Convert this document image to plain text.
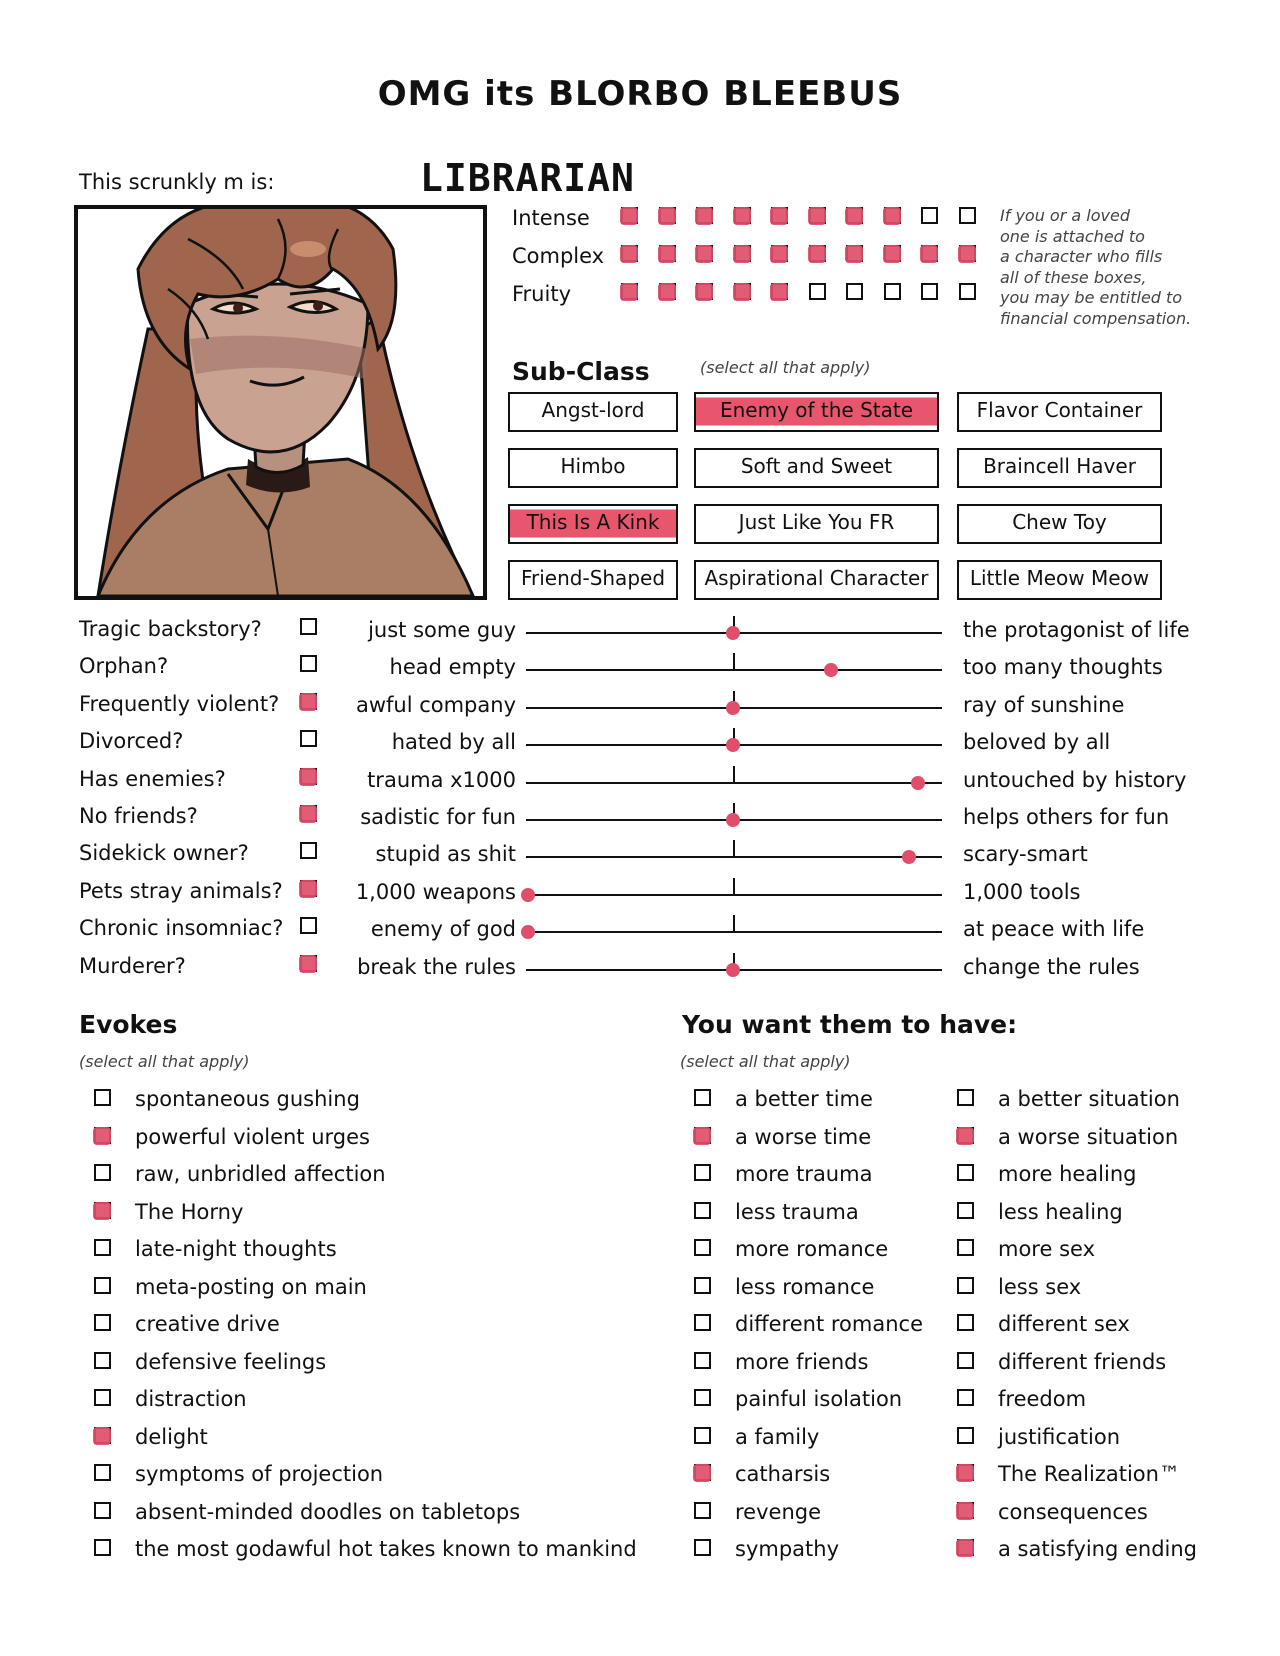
OMG its BLORBO BLEEBUS
This scrunkly m is:	LIBRARIAN
If you or a loved
one is attached to
a character who fills
all of these boxes,
you may be entitled to
financial compensation.
Sub-Class	(select all that apply)
Evokes
(select all that apply)
You want them to have:
(select all that apply)
Intense
Complex
Fruity
Angst-lord	Enemy of the State	Flavor Container
Himbo	Soft and Sweet	Braincell Haver
This Is A Kink	Just Like You FR	Chew Toy
Friend-Shaped	Aspirational Character	Little Meow Meow
Tragic backstory?
Orphan?
Frequently violent?
Divorced?
Has enemies?
No friends?
Sidekick owner?
Pets stray animals?
Chronic insomniac?
Murderer?
just some guy	the protagonist of life
head empty	too many thoughts
awful company	ray of sunshine
hated by all	beloved by all
trauma x1000	untouched by history
sadistic for fun	helps others for fun
stupid as shit	scary-smart
1,000 weapons	1,000 tools
enemy of god	at peace with life
break the rules	change the rules
spontaneous gushing
powerful violent urges
raw, unbridled affection
The Horny
late-night thoughts
meta-posting on main
creative drive
defensive feelings
distraction
delight
symptoms of projection
absent-minded doodles on tabletops
the most godawful hot takes known to mankind
a better time
a worse time
more trauma
less trauma
more romance
less romance
different romance
more friends
painful isolation
a family
catharsis
revenge
sympathy
a better situation
a worse situation
more healing
less healing
more sex
less sex
different sex
different friends
freedom
justification
The Realization™
consequences
a satisfying ending
